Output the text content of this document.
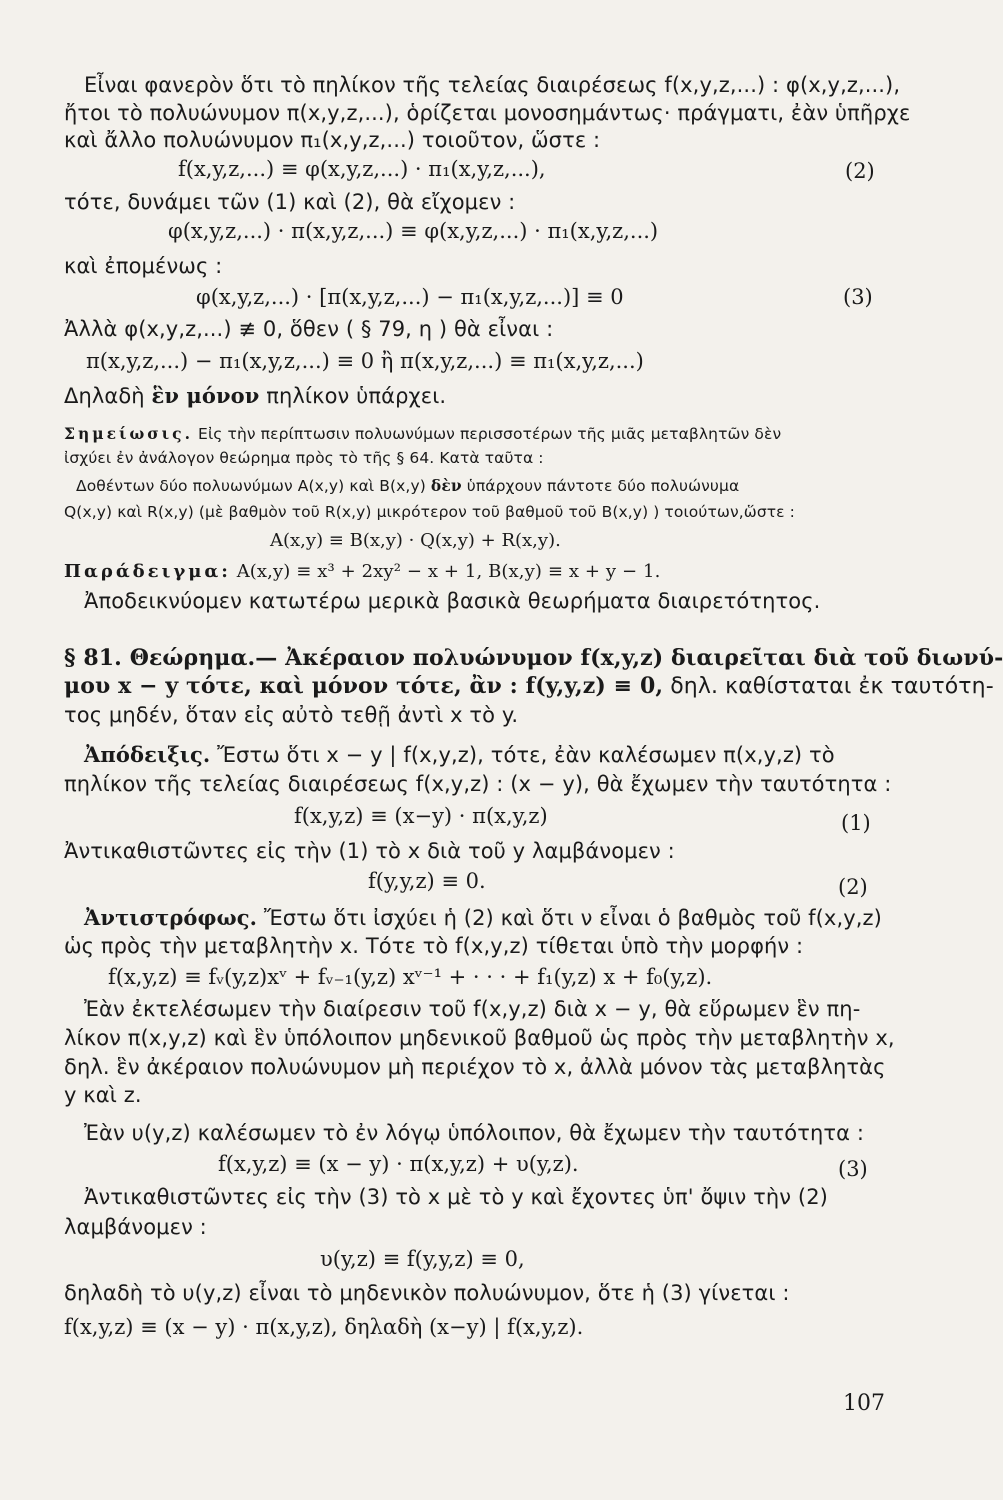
Εἶναι φανερὸν ὅτι τὸ πηλίκον τῆς τελείας διαιρέσεως f(x,y,z,...) : φ(x,y,z,...),
ἤτοι τὸ πολυώνυμον π(x,y,z,...), ὁρίζεται μονοσημάντως· πράγματι, ἐὰν ὑπῆρχε
καὶ ἄλλο πολυώνυμον π₁(x,y,z,...) τοιοῦτον, ὥστε :
f(x,y,z,...) ≡ φ(x,y,z,...) · π₁(x,y,z,...),	(2)
τότε, δυνάμει τῶν (1) καὶ (2), θὰ εἴχομεν :
φ(x,y,z,...) · π(x,y,z,...) ≡ φ(x,y,z,...) · π₁(x,y,z,...)
καὶ ἐπομένως :
φ(x,y,z,...) · [π(x,y,z,...) − π₁(x,y,z,...)] ≡ 0	(3)
Ἀλλὰ φ(x,y,z,...) ≢ 0, ὅθεν ( § 79, η ) θὰ εἶναι :
π(x,y,z,...) − π₁(x,y,z,...) ≡ 0 ἢ π(x,y,z,...) ≡ π₁(x,y,z,...)
Δηλαδὴ ἓν μόνον πηλίκον ὑπάρχει.
Σημείωσις. Εἰς τὴν περίπτωσιν πολυωνύμων περισσοτέρων τῆς μιᾶς μεταβλητῶν δὲν
ἰσχύει ἐν ἀνάλογον θεώρημα πρὸς τὸ τῆς § 64. Κατὰ ταῦτα :
Δοθέντων δύο πολυωνύμων A(x,y) καὶ B(x,y) δὲν ὑπάρχουν πάντοτε δύο πολυώνυμα
Q(x,y) καὶ R(x,y) (μὲ βαθμὸν τοῦ R(x,y) μικρότερον τοῦ βαθμοῦ τοῦ B(x,y) ) τοιούτων,ὥστε :
A(x,y) ≡ B(x,y) · Q(x,y) + R(x,y).
Παράδειγμα: A(x,y) ≡ x³ + 2xy² − x + 1, B(x,y) ≡ x + y − 1.
Ἀποδεικνύομεν κατωτέρω μερικὰ βασικὰ θεωρήματα διαιρετότητος.
§ 81. Θεώρημα.— Ἀκέραιον πολυώνυμον f(x,y,z) διαιρεῖται διὰ τοῦ διωνύ-
μου x − y τότε, καὶ μόνον τότε, ἂν : f(y,y,z) ≡ 0, δηλ. καθίσταται ἐκ ταυτότη-
τος μηδέν, ὅταν εἰς αὐτὸ τεθῇ ἀντὶ x τὸ y.
Ἀπόδειξις. Ἔστω ὅτι x − y | f(x,y,z), τότε, ἐὰν καλέσωμεν π(x,y,z) τὸ
πηλίκον τῆς τελείας διαιρέσεως f(x,y,z) : (x − y), θὰ ἔχωμεν τὴν ταυτότητα :
f(x,y,z) ≡ (x−y) · π(x,y,z)	(1)
Ἀντικαθιστῶντες εἰς τὴν (1) τὸ x διὰ τοῦ y λαμβάνομεν :
f(y,y,z) ≡ 0.	(2)
Ἀντιστρόφως. Ἔστω ὅτι ἰσχύει ἡ (2) καὶ ὅτι ν εἶναι ὁ βαθμὸς τοῦ f(x,y,z)
ὡς πρὸς τὴν μεταβλητὴν x. Τότε τὸ f(x,y,z) τίθεται ὑπὸ τὴν μορφήν :
f(x,y,z) ≡ fᵥ(y,z)xᵛ + fᵥ₋₁(y,z) xᵛ⁻¹ + · · · + f₁(y,z) x + f₀(y,z).
Ἐὰν ἐκτελέσωμεν τὴν διαίρεσιν τοῦ f(x,y,z) διὰ x − y, θὰ εὕρωμεν ἓν πη-
λίκον π(x,y,z) καὶ ἓν ὑπόλοιπον μηδενικοῦ βαθμοῦ ὡς πρὸς τὴν μεταβλητὴν x,
δηλ. ἓν ἀκέραιον πολυώνυμον μὴ περιέχον τὸ x, ἀλλὰ μόνον τὰς μεταβλητὰς
y καὶ z.
Ἐὰν υ(y,z) καλέσωμεν τὸ ἐν λόγῳ ὑπόλοιπον, θὰ ἔχωμεν τὴν ταυτότητα :
f(x,y,z) ≡ (x − y) · π(x,y,z) + υ(y,z).	(3)
Ἀντικαθιστῶντες εἰς τὴν (3) τὸ x μὲ τὸ y καὶ ἔχοντες ὑπ' ὄψιν τὴν (2)
λαμβάνομεν :
υ(y,z) ≡ f(y,y,z) ≡ 0,
δηλαδὴ τὸ υ(y,z) εἶναι τὸ μηδενικὸν πολυώνυμον, ὅτε ἡ (3) γίνεται :
f(x,y,z) ≡ (x − y) · π(x,y,z), δηλαδὴ (x−y) | f(x,y,z).
107
